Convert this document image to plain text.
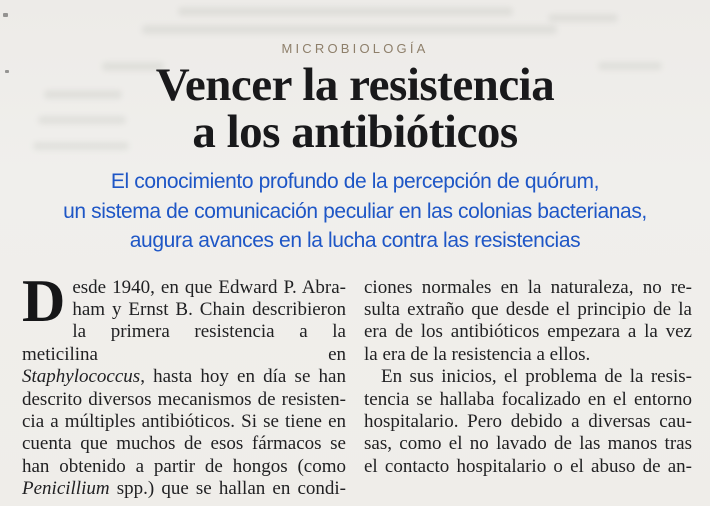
MICROBIOLOGÍA
Vencer la resistencia
a los antibióticos
El conocimiento profundo de la percepción de quórum,
un sistema de comunicación peculiar en las colonias bacterianas,
augura avances en la lucha contra las resistencias
D esde 1940, en que Edward P. Abra-
ham y Ernst B. Chain describieron
la primera resistencia a la meticilina en
Staphylococcus, hasta hoy en día se han
descrito diversos mecanismos de resisten-
cia a múltiples antibióticos. Si se tiene en
cuenta que muchos de esos fármacos se
han obtenido a partir de hongos (como
Penicillium spp.) que se hallan en condi-
ciones normales en la naturaleza, no re-
sulta extraño que desde el principio de la
era de los antibióticos empezara a la vez
la era de la resistencia a ellos.
En sus inicios, el problema de la resis-
tencia se hallaba focalizado en el entorno
hospitalario. Pero debido a diversas cau-
sas, como el no lavado de las manos tras
el contacto hospitalario o el abuso de an-
